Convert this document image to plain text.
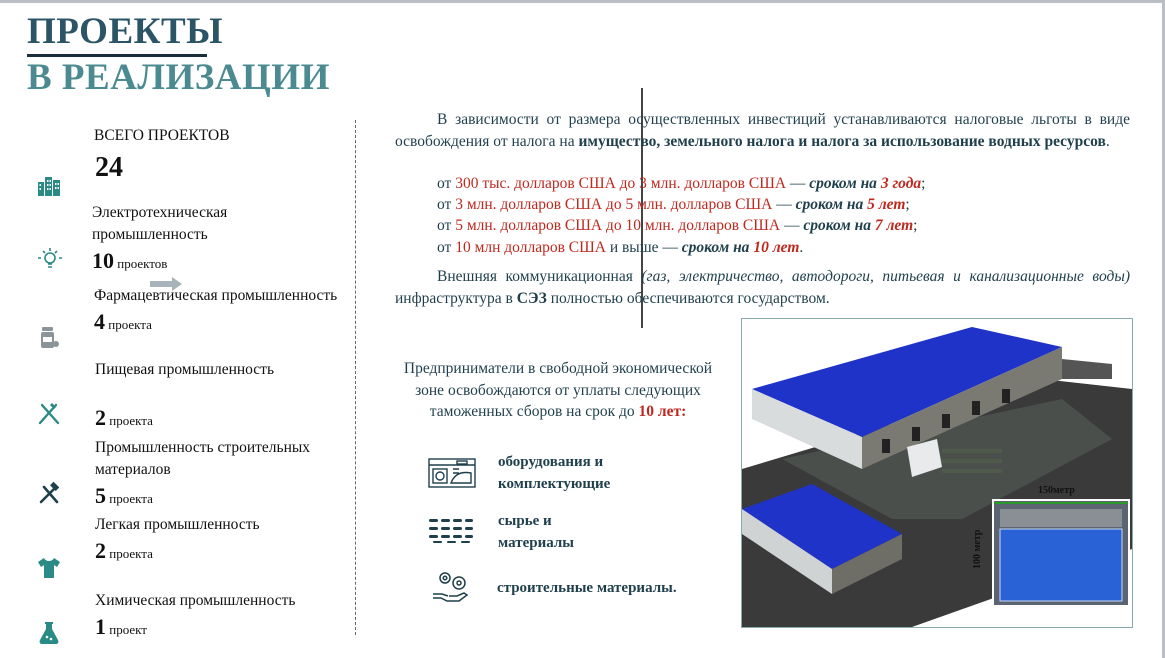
ПРОЕКТЫ
В РЕАЛИЗАЦИИ
ВСЕГО ПРОЕКТОВ
24
Электротехническая промышленность
10 проектов
Фармацевтическая промышленность
4 проекта
Пищевая промышленность
2 проекта
Промышленность строительных материалов
5 проекта
Легкая промышленность
2 проекта
Химическая промышленность
1 проект
В зависимости от размера осуществленных инвестиций устанавливаются налоговые льготы в виде освобождения от налога на имущество, земельного налога и налога за использование водных ресурсов.
от 300 тыс. долларов США до 3 млн. долларов США — сроком на 3 года;
от 3 млн. долларов США до 5 млн. долларов США — сроком на 5 лет;
от 5 млн. долларов США до 10 млн. долларов США — сроком на 7 лет;
от 10 млн долларов США и выше — сроком на 10 лет.
Внешняя коммуникационная (газ, электричество, автодороги, питьевая и канализационные воды) инфраструктура в СЭЗ полностью обеспечиваются государством.
Предприниматели в свободной экономической зоне освобождаются от уплаты следующих таможенных сборов на срок до 10 лет:
оборудования и
комплектующие
сырье и
материалы
строительные материалы.
150метр
100 метр
